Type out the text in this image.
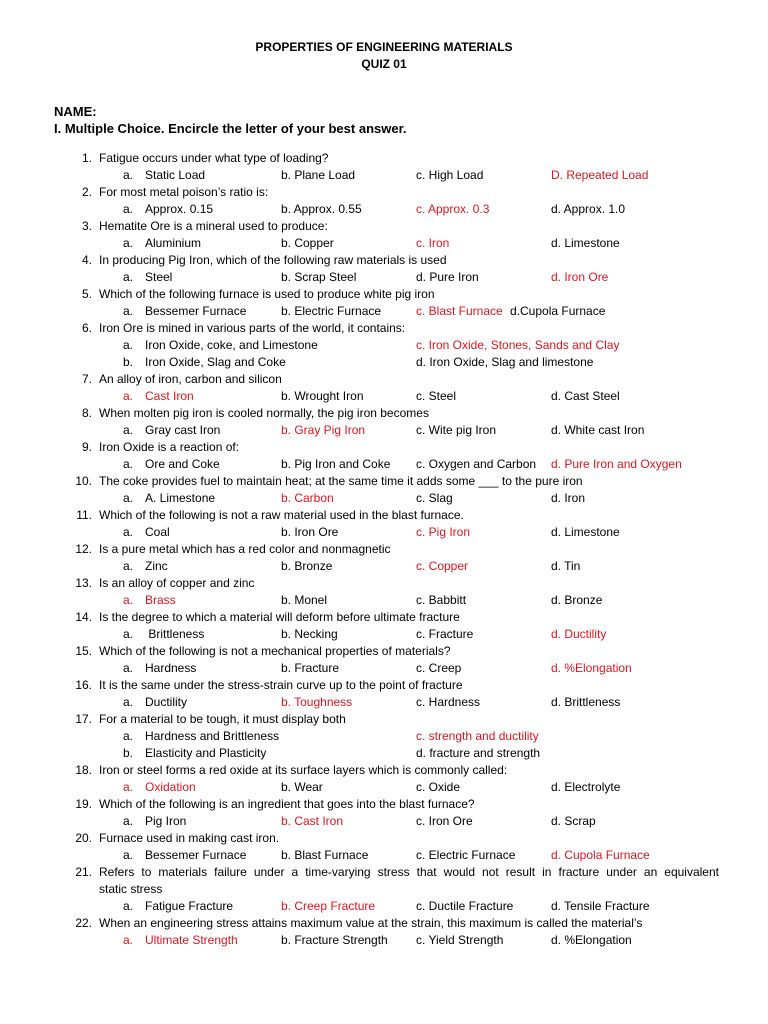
PROPERTIES OF ENGINEERING MATERIALS
QUIZ 01
NAME:
I. Multiple Choice. Encircle the letter of your best answer.
1. Fatigue occurs under what type of loading?
a. Static Load	b. Plane Load	c. High Load	D. Repeated Load
2. For most metal poison’s ratio is:
a. Approx. 0.15	b. Approx. 0.55	c. Approx. 0.3	d. Approx. 1.0
3. Hematite Ore is a mineral used to produce:
a. Aluminium	b. Copper	c. Iron	d. Limestone
4. In producing Pig Iron, which of the following raw materials is used
a. Steel	b. Scrap Steel	d. Pure Iron	d. Iron Ore
5. Which of the following furnace is used to produce white pig iron
a. Bessemer Furnace	b. Electric Furnace	c. Blast Furnace d.Cupola Furnace
6. Iron Ore is mined in various parts of the world, it contains:
a. Iron Oxide, coke, and Limestone	c. Iron Oxide, Stones, Sands and Clay
b. Iron Oxide, Slag and Coke	d. Iron Oxide, Slag and limestone
7. An alloy of iron, carbon and silicon
a. Cast Iron	b. Wrought Iron	c. Steel	d. Cast Steel
8. When molten pig iron is cooled normally, the pig iron becomes
a. Gray cast Iron	b. Gray Pig Iron	c. Wite pig Iron	d. White cast Iron
9. Iron Oxide is a reaction of:
a. Ore and Coke	b. Pig Iron and Coke c. Oxygen and Carbon d. Pure Iron and Oxygen
10. The coke provides fuel to maintain heat; at the same time it adds some ___ to the pure iron
a. A. Limestone	b. Carbon	c. Slag	d. Iron
11. Which of the following is not a raw material used in the blast furnace.
a. Coal	b. Iron Ore	c. Pig Iron	d. Limestone
12. Is a pure metal which has a red color and nonmagnetic
a. Zinc	b. Bronze	c. Copper	d. Tin
13. Is an alloy of copper and zinc
a. Brass	b. Monel	c. Babbitt	d. Bronze
14. Is the degree to which a material will deform before ultimate fracture
a. Brittleness	b. Necking	c. Fracture	d. Ductility
15. Which of the following is not a mechanical properties of materials?
a. Hardness	b. Fracture	c. Creep	d. %Elongation
16. It is the same under the stress-strain curve up to the point of fracture
a. Ductility	b. Toughness	c. Hardness	d. Brittleness
17. For a material to be tough, it must display both
a. Hardness and Brittleness	c. strength and ductility
b. Elasticity and Plasticity	d. fracture and strength
18. Iron or steel forms a red oxide at its surface layers which is commonly called:
a. Oxidation	b. Wear	c. Oxide	d. Electrolyte
19. Which of the following is an ingredient that goes into the blast furnace?
a. Pig Iron	b. Cast Iron	c. Iron Ore	d. Scrap
20. Furnace used in making cast iron.
a. Bessemer Furnace	b. Blast Furnace	c. Electric Furnace	d. Cupola Furnace
21. Refers to materials failure under a time-varying stress that would not result in fracture under an equivalent
static stress
a. Fatigue Fracture	b. Creep Fracture	c. Ductile Fracture	d. Tensile Fracture
22. When an engineering stress attains maximum value at the strain, this maximum is called the material’s
a. Ultimate Strength	b. Fracture Strength c. Yield Strength	d. %Elongation
